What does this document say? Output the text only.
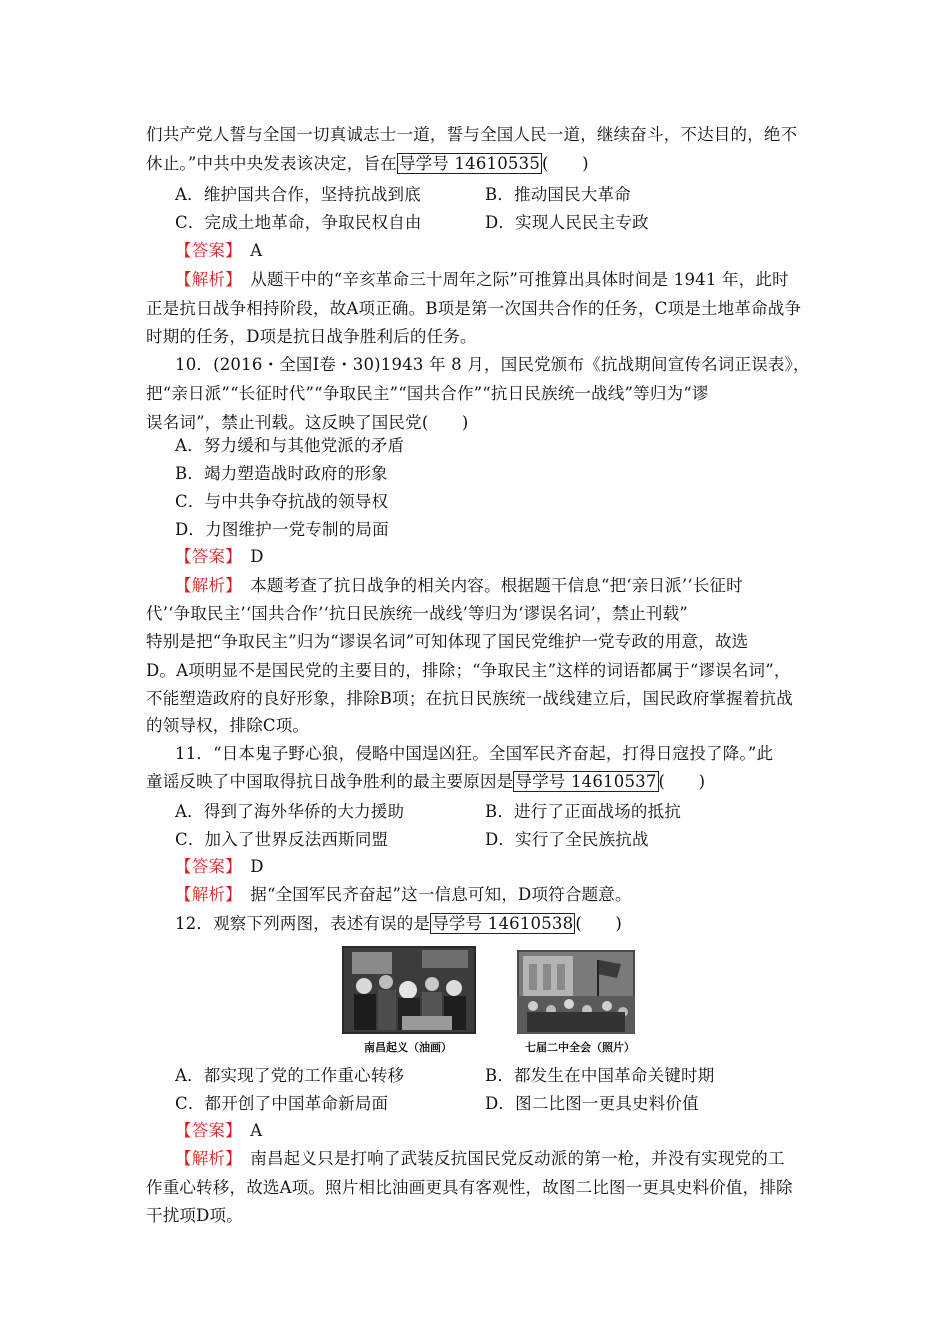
们共产党人誓与全国一切真诚志士一道，誓与全国人民一道，继续奋斗，不达目的，绝不
休止。”中共中央发表该决定，旨在 导学号 14610535 (　　)
A．维护国共合作，坚持抗战到底	B．推动国民大革命
C．完成土地革命，争取民权自由	D．实现人民民主专政
【答案】　 A
【解析】　 从题干中的“辛亥革命三十周年之际”可推算出具体时间是 1941 年，此时
正是抗日战争相持阶段，故A项正确。B项是第一次国共合作的任务，C项是土地革命战争
时期的任务，D项是抗日战争胜利后的任务。
10．(2016・全国Ⅰ卷・30)1943 年 8 月，国民党颁布《抗战期间宣传名词正误表》，
把“亲日派”“长征时代”“争取民主”“国共合作”“抗日民族统一战线”等归为“谬
误名词”，禁止刊载。这反映了国民党(　　)
A．努力缓和与其他党派的矛盾
B．竭力塑造战时政府的形象
C．与中共争夺抗战的领导权
D．力图维护一党专制的局面
【答案】　 D
【解析】　 本题考查了抗日战争的相关内容。根据题干信息“把‘亲日派’‘长征时
代’‘争取民主’‘国共合作’‘抗日民族统一战线’等归为‘谬误名词’，禁止刊载”
特别是把“争取民主”归为“谬误名词”可知体现了国民党维护一党专政的用意，故选
D。A项明显不是国民党的主要目的，排除；“争取民主”这样的词语都属于“谬误名词”，
不能塑造政府的良好形象，排除B项；在抗日民族统一战线建立后，国民政府掌握着抗战
的领导权，排除C项。
11．“日本鬼子野心狼，侵略中国逞凶狂。全国军民齐奋起，打得日寇投了降。”此
童谣反映了中国取得抗日战争胜利的最主要原因是 导学号 14610537 (　　)
A．得到了海外华侨的大力援助	B．进行了正面战场的抵抗
C．加入了世界反法西斯同盟	D．实行了全民族抗战
【答案】　 D
【解析】　 据“全国军民齐奋起”这一信息可知，D项符合题意。
12．观察下列两图，表述有误的是 导学号 14610538 (　　)
南昌起义（油画）	七届二中全会（照片）
A．都实现了党的工作重心转移	B．都发生在中国革命关键时期
C．都开创了中国革命新局面	D．图二比图一更具史料价值
【答案】　 A
【解析】　 南昌起义只是打响了武装反抗国民党反动派的第一枪，并没有实现党的工
作重心转移，故选A项。照片相比油画更具有客观性，故图二比图一更具史料价值，排除
干扰项D项。
